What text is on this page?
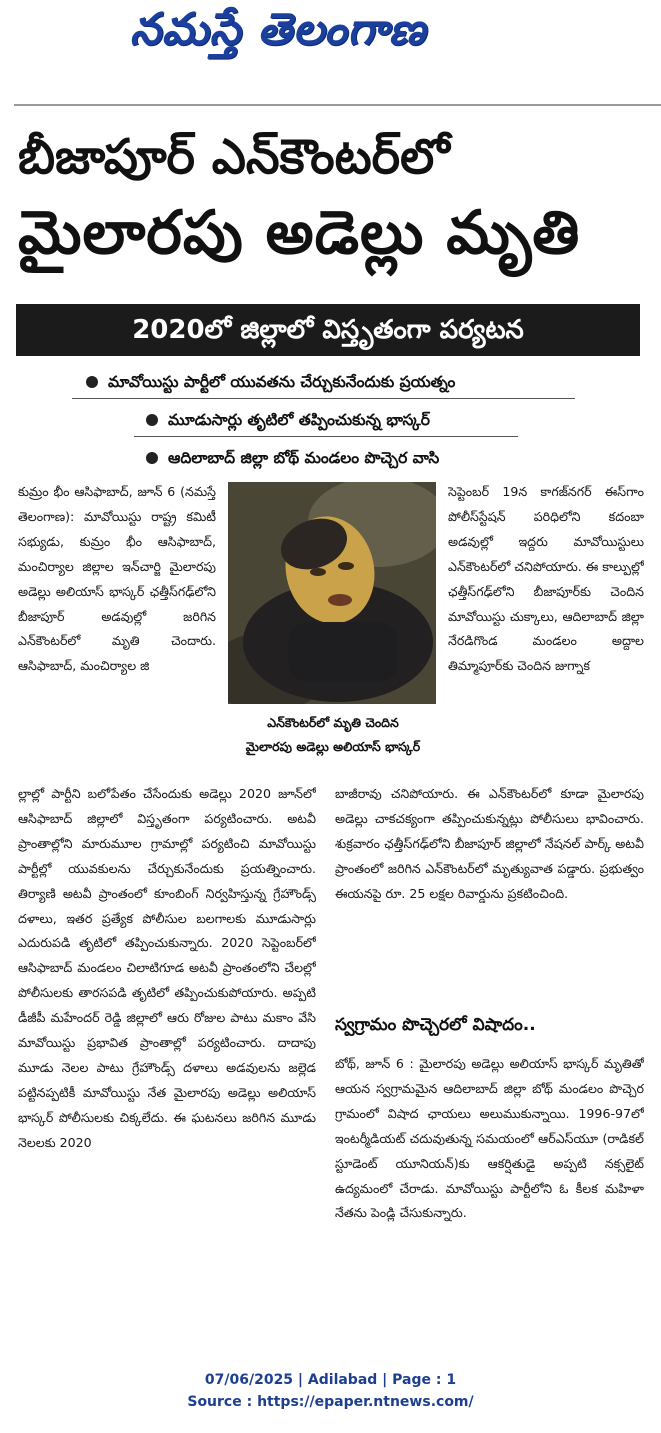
నమస్తే తెలంగాణ
బీజాపూర్ ఎన్‌కౌంటర్‌లో
మైలారపు అడెల్లు మృతి
2020లో జిల్లాలో విస్తృతంగా పర్యటన
మావోయిస్టు పార్టీలో యువతను చేర్చుకునేందుకు ప్రయత్నం
మూడుసార్లు తృటిలో తప్పించుకున్న భాస్కర్
ఆదిలాబాద్ జిల్లా బోథ్ మండలం పొచ్చెర వాసి
ఎన్‌కౌంటర్‌లో మృతి చెందిన
మైలారపు అడెల్లు అలియాస్ భాస్కర్

కుమ్రం భీం ఆసిఫాబాద్, జూన్ 6 (నమస్తే తెలంగాణ): మావోయిస్టు రాష్ట్ర కమిటీ సభ్యుడు, కుమ్రం భీం ఆసిఫాబాద్, మంచిర్యాల జిల్లాల ఇన్‌చార్జి మైలారపు అడెల్లు అలియాస్ భాస్కర్ ఛత్తీస్‌గఢ్‌లోని బీజాపూర్ అడవుల్లో జరిగిన ఎన్‌కౌంటర్‌లో మృతి చెందారు. ఆసిఫాబాద్, మంచిర్యాల జి

ల్లాల్లో పార్టీని బలోపేతం చేసేందుకు అడెల్లు 2020 జూన్‌లో ఆసిఫాబాద్ జిల్లాలో విస్తృతంగా పర్యటించారు. అటవీ ప్రాంతాల్లోని మారుమూల గ్రామాల్లో పర్యటించి మావోయిస్టు పార్టీల్లో యువకులను చేర్చుకునేందుకు ప్రయత్నించారు. తిర్యాణి అటవీ ప్రాంతంలో కూంబింగ్ నిర్వహిస్తున్న గ్రేహౌండ్స్ దళాలు, ఇతర ప్రత్యేక పోలీసుల బలగాలకు మూడుసార్లు ఎదురుపడి తృటిలో తప్పించుకున్నారు. 2020 సెప్టెంబర్‌లో ఆసిఫాబాద్ మండలం చిలాటిగూడ అటవీ ప్రాంతంలోని చేలల్లో పోలీసులకు తారసపడి తృటిలో తప్పించుకుపోయారు. అప్పటి డీజీపీ మహేందర్ రెడ్డి జిల్లాలో ఆరు రోజుల పాటు మకాం వేసి మావోయిస్టు ప్రభావిత ప్రాంతాల్లో పర్యటించారు. దాదాపు మూడు నెలల పాటు గ్రేహౌండ్స్ దళాలు అడవులను జల్లెడ పట్టినప్పటికీ మావోయిస్టు నేత మైలారపు అడెల్లు అలియాస్ భాస్కర్ పోలీసులకు చిక్కలేదు. ఈ ఘటనలు జరిగిన మూడు నెలలకు 2020

సెప్టెంబర్ 19న కాగజ్‌నగర్ ఈస్‌గాం పోలీస్‌స్టేషన్ పరిధిలోని కదంబా అడవుల్లో ఇద్దరు మావోయిస్టులు ఎన్‌కౌంటర్‌లో చనిపోయారు. ఈ కాల్పుల్లో ఛత్తీస్‌గఢ్‌లోని బీజాపూర్‌కు చెందిన మావోయిస్టు చుక్కాలు, ఆదిలాబాద్ జిల్లా నేరడిగొండ మండలం అద్దాల తిమ్మాపూర్‌కు చెందిన జుగ్నాక

బాజీరావు చనిపోయారు. ఈ ఎన్‌కౌంటర్‌లో కూడా మైలారపు అడెల్లు చాకచక్యంగా తప్పించుకున్నట్లు పోలీసులు భావించారు. శుక్రవారం ఛత్తీస్‌గఢ్‌లోని బీజాపూర్ జిల్లాలో నేషనల్ పార్క్ అటవీ ప్రాంతంలో జరిగిన ఎన్‌కౌంటర్‌లో మృత్యువాత పడ్డారు. ప్రభుత్వం ఈయనపై రూ. 25 లక్షల రివార్డును ప్రకటించింది.

స్వగ్రామం పొచ్చెరలో విషాదం..

బోథ్, జూన్ 6 : మైలారపు అడెల్లు అలియాస్ భాస్కర్ మృతితో ఆయన స్వగ్రామమైన ఆదిలాబాద్ జిల్లా బోథ్ మండలం పొచ్చెర గ్రామంలో విషాద ఛాయలు అలుముకున్నాయి. 1996-97లో ఇంటర్మీడియట్ చదువుతున్న సమయంలో ఆర్‌ఎస్‌యూ (రాడికల్ స్టూడెంట్ యూనియన్)కు ఆకర్షితుడై అప్పటి నక్సలైట్ ఉద్యమంలో చేరాడు. మావోయిస్టు పార్టీలోని ఓ కీలక మహిళా నేతను పెండ్లి చేసుకున్నారు.

07/06/2025 | Adilabad | Page : 1
Source : https://epaper.ntnews.com/
